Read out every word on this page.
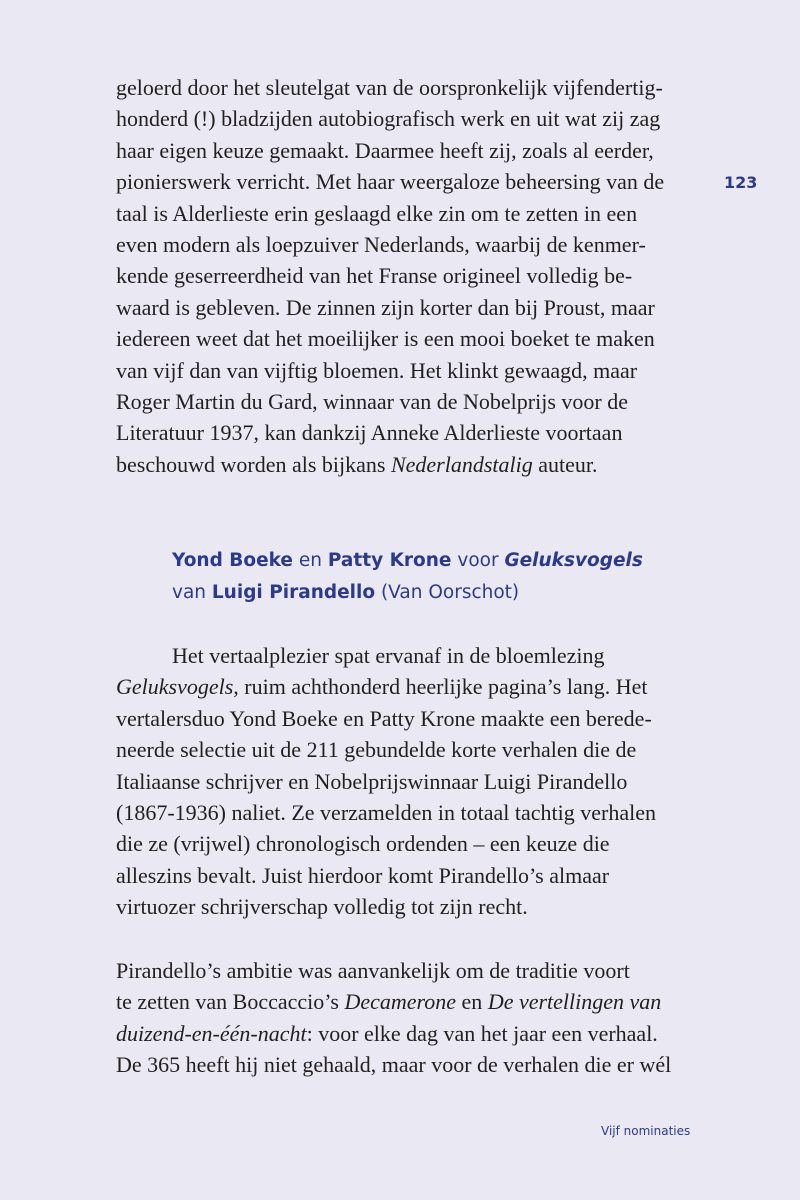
123
geloerd door het sleutelgat van de oorspronkelijk vijfendertig-
honderd (!) bladzijden autobiografisch werk en uit wat zij zag
haar eigen keuze gemaakt. Daarmee heeft zij, zoals al eerder,
pionierswerk verricht. Met haar weergaloze beheersing van de
taal is Alderlieste erin geslaagd elke zin om te zetten in een
even modern als loepzuiver Nederlands, waarbij de kenmer-
kende geserreerdheid van het Franse origineel volledig be-
waard is gebleven. De zinnen zijn korter dan bij Proust, maar
iedereen weet dat het moeilijker is een mooi boeket te maken
van vijf dan van vijftig bloemen. Het klinkt gewaagd, maar
Roger Martin du Gard, winnaar van de Nobelprijs voor de
Literatuur 1937, kan dankzij Anneke Alderlieste voortaan
beschouwd worden als bijkans Nederlandstalig auteur.
Yond Boeke en Patty Krone voor Geluksvogels
van Luigi Pirandello (Van Oorschot)
Het vertaalplezier spat ervanaf in de bloemlezing
Geluksvogels, ruim achthonderd heerlijke pagina’s lang. Het
vertalersduo Yond Boeke en Patty Krone maakte een berede-
neerde selectie uit de 211 gebundelde korte verhalen die de
Italiaanse schrijver en Nobelprijswinnaar Luigi Pirandello
(1867-1936) naliet. Ze verzamelden in totaal tachtig verhalen
die ze (vrijwel) chronologisch ordenden – een keuze die
alleszins bevalt. Juist hierdoor komt Pirandello’s almaar
virtuozer schrijverschap volledig tot zijn recht.
Pirandello’s ambitie was aanvankelijk om de traditie voort
te zetten van Boccaccio’s Decamerone en De vertellingen van
duizend-en-één-nacht: voor elke dag van het jaar een verhaal.
De 365 heeft hij niet gehaald, maar voor de verhalen die er wél
Vijf nominaties
